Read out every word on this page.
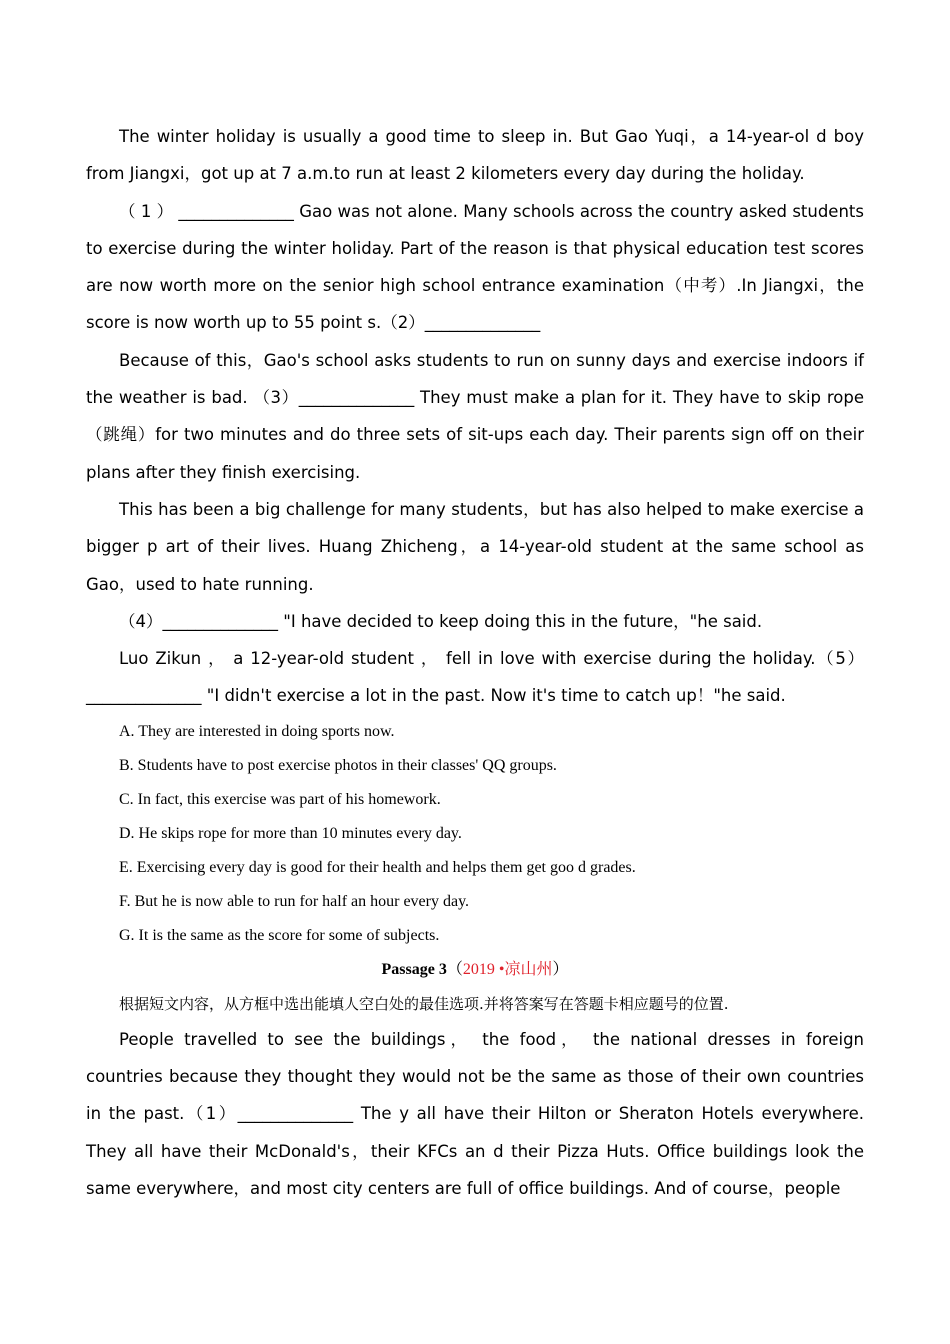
The winter holiday is usually a good time to sleep in. But Gao Yuqi，a 14-year-ol d boy from Jiangxi，got up at 7 a.m.to run at least 2 kilometers every day during the holiday.

（ 1 ） ______________ Gao was not alone. Many schools across the country asked students to exercise during the winter holiday. Part of the reason is that physical education test scores are now worth more on the senior high school entrance examination（中考）.In Jiangxi，the score is now worth up to 55 point s.（2）______________

Because of this，Gao's school asks students to run on sunny days and exercise indoors if the weather is bad. （3）______________ They must make a plan for it. They have to skip rope（跳绳）for two minutes and do three sets of sit-ups each day. Their parents sign off on their plans after they finish exercising.

This has been a big challenge for many students，but has also helped to make exercise a bigger p art of their lives. Huang Zhicheng，a 14-year-old student at the same school as Gao，used to hate running.

（4）______________ "I have decided to keep doing this in the future，"he said.

Luo Zikun ， a 12-year-old student ， fell in love with exercise during the holiday.（5）______________ "I didn't exercise a lot in the past. Now it's time to catch up！"he said.

A. They are interested in doing sports now.

B. Students have to post exercise photos in their classes' QQ groups.

C. In fact, this exercise was part of his homework.

D. He skips rope for more than 10 minutes every day.

E. Exercising every day is good for their health and helps them get goo d grades.

F. But he is now able to run for half an hour every day.

G. It is the same as the score for some of subjects.

Passage 3（2019 •凉山州）

根据短文内容，从方框中选出能填人空白处的最佳选项.并将答案写在答题卡相应题号的位置.

People travelled to see the buildings， the food， the national dresses in foreign countries because they thought they would not be the same as those of their own countries in the past.（1）______________ The y all have their Hilton or Sheraton Hotels everywhere. They all have their McDonald's，their KFCs an d their Pizza Huts. Office buildings look the same everywhere，and most city centers are full of office buildings. And of course，people
